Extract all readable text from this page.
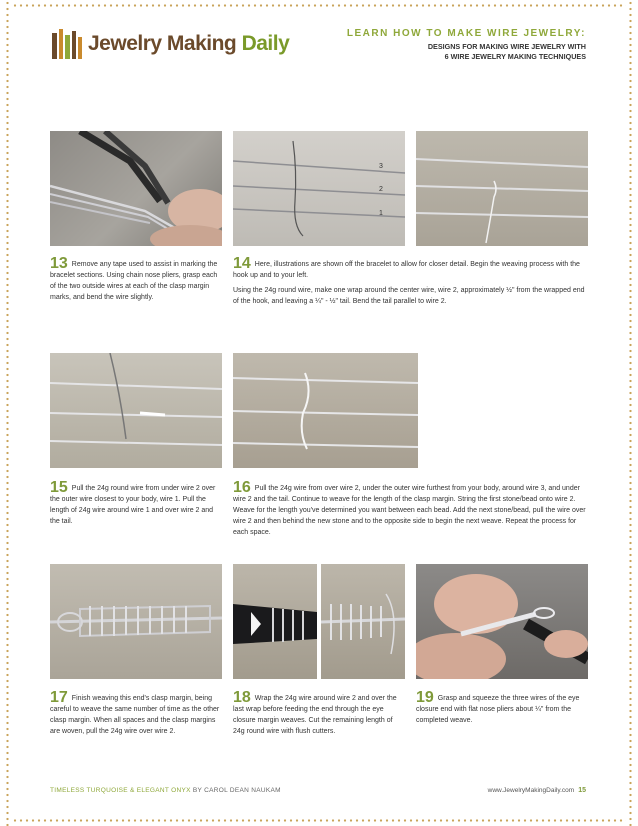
Jewelry Making Daily	LEARN HOW TO MAKE WIRE JEWELRY:
DESIGNS FOR MAKING WIRE JEWELRY WITH
6 WIRE JEWELRY MAKING TECHNIQUES
3
2
1

13 Remove any tape used to assist in marking the bracelet sections. Using chain nose pliers, grasp each of the two outside wires at each of the clasp margin marks, and bend the wire slightly.

14 Here, illustrations are shown off the bracelet to allow for closer detail. Begin the weaving process with the hook up and to your left.

Using the 24g round wire, make one wrap around the center wire, wire 2, approximately ½" from the wrapped end of the hook, and leaving a ¼" - ½" tail. Bend the tail parallel to wire 2.

15 Pull the 24g round wire from under wire 2 over the outer wire closest to your body, wire 1. Pull the length of 24g wire around wire 1 and over wire 2 and the tail.

16 Pull the 24g wire from over wire 2, under the outer wire furthest from your body, around wire 3, and under wire 2 and the tail. Continue to weave for the length of the clasp margin. String the first stone/bead onto wire 2. Weave for the length you've determined you want between each bead. Add the next stone/bead, pull the wire over wire 2 and then behind the new stone and to the opposite side to begin the next weave. Repeat the process for each space.

17 Finish weaving this end's clasp margin, being careful to weave the same number of time as the other clasp margin. When all spaces and the clasp margins are woven, pull the 24g wire over wire 2.

18 Wrap the 24g wire around wire 2 and over the last wrap before feeding the end through the eye closure margin weaves. Cut the remaining length of 24g round wire with flush cutters.

19 Grasp and squeeze the three wires of the eye closure end with flat nose pliers about ¼" from the completed weave.

TIMELESS TURQUOISE & ELEGANT ONYX BY CAROL DEAN NAUKAM	www.JewelryMakingDaily.com 15
